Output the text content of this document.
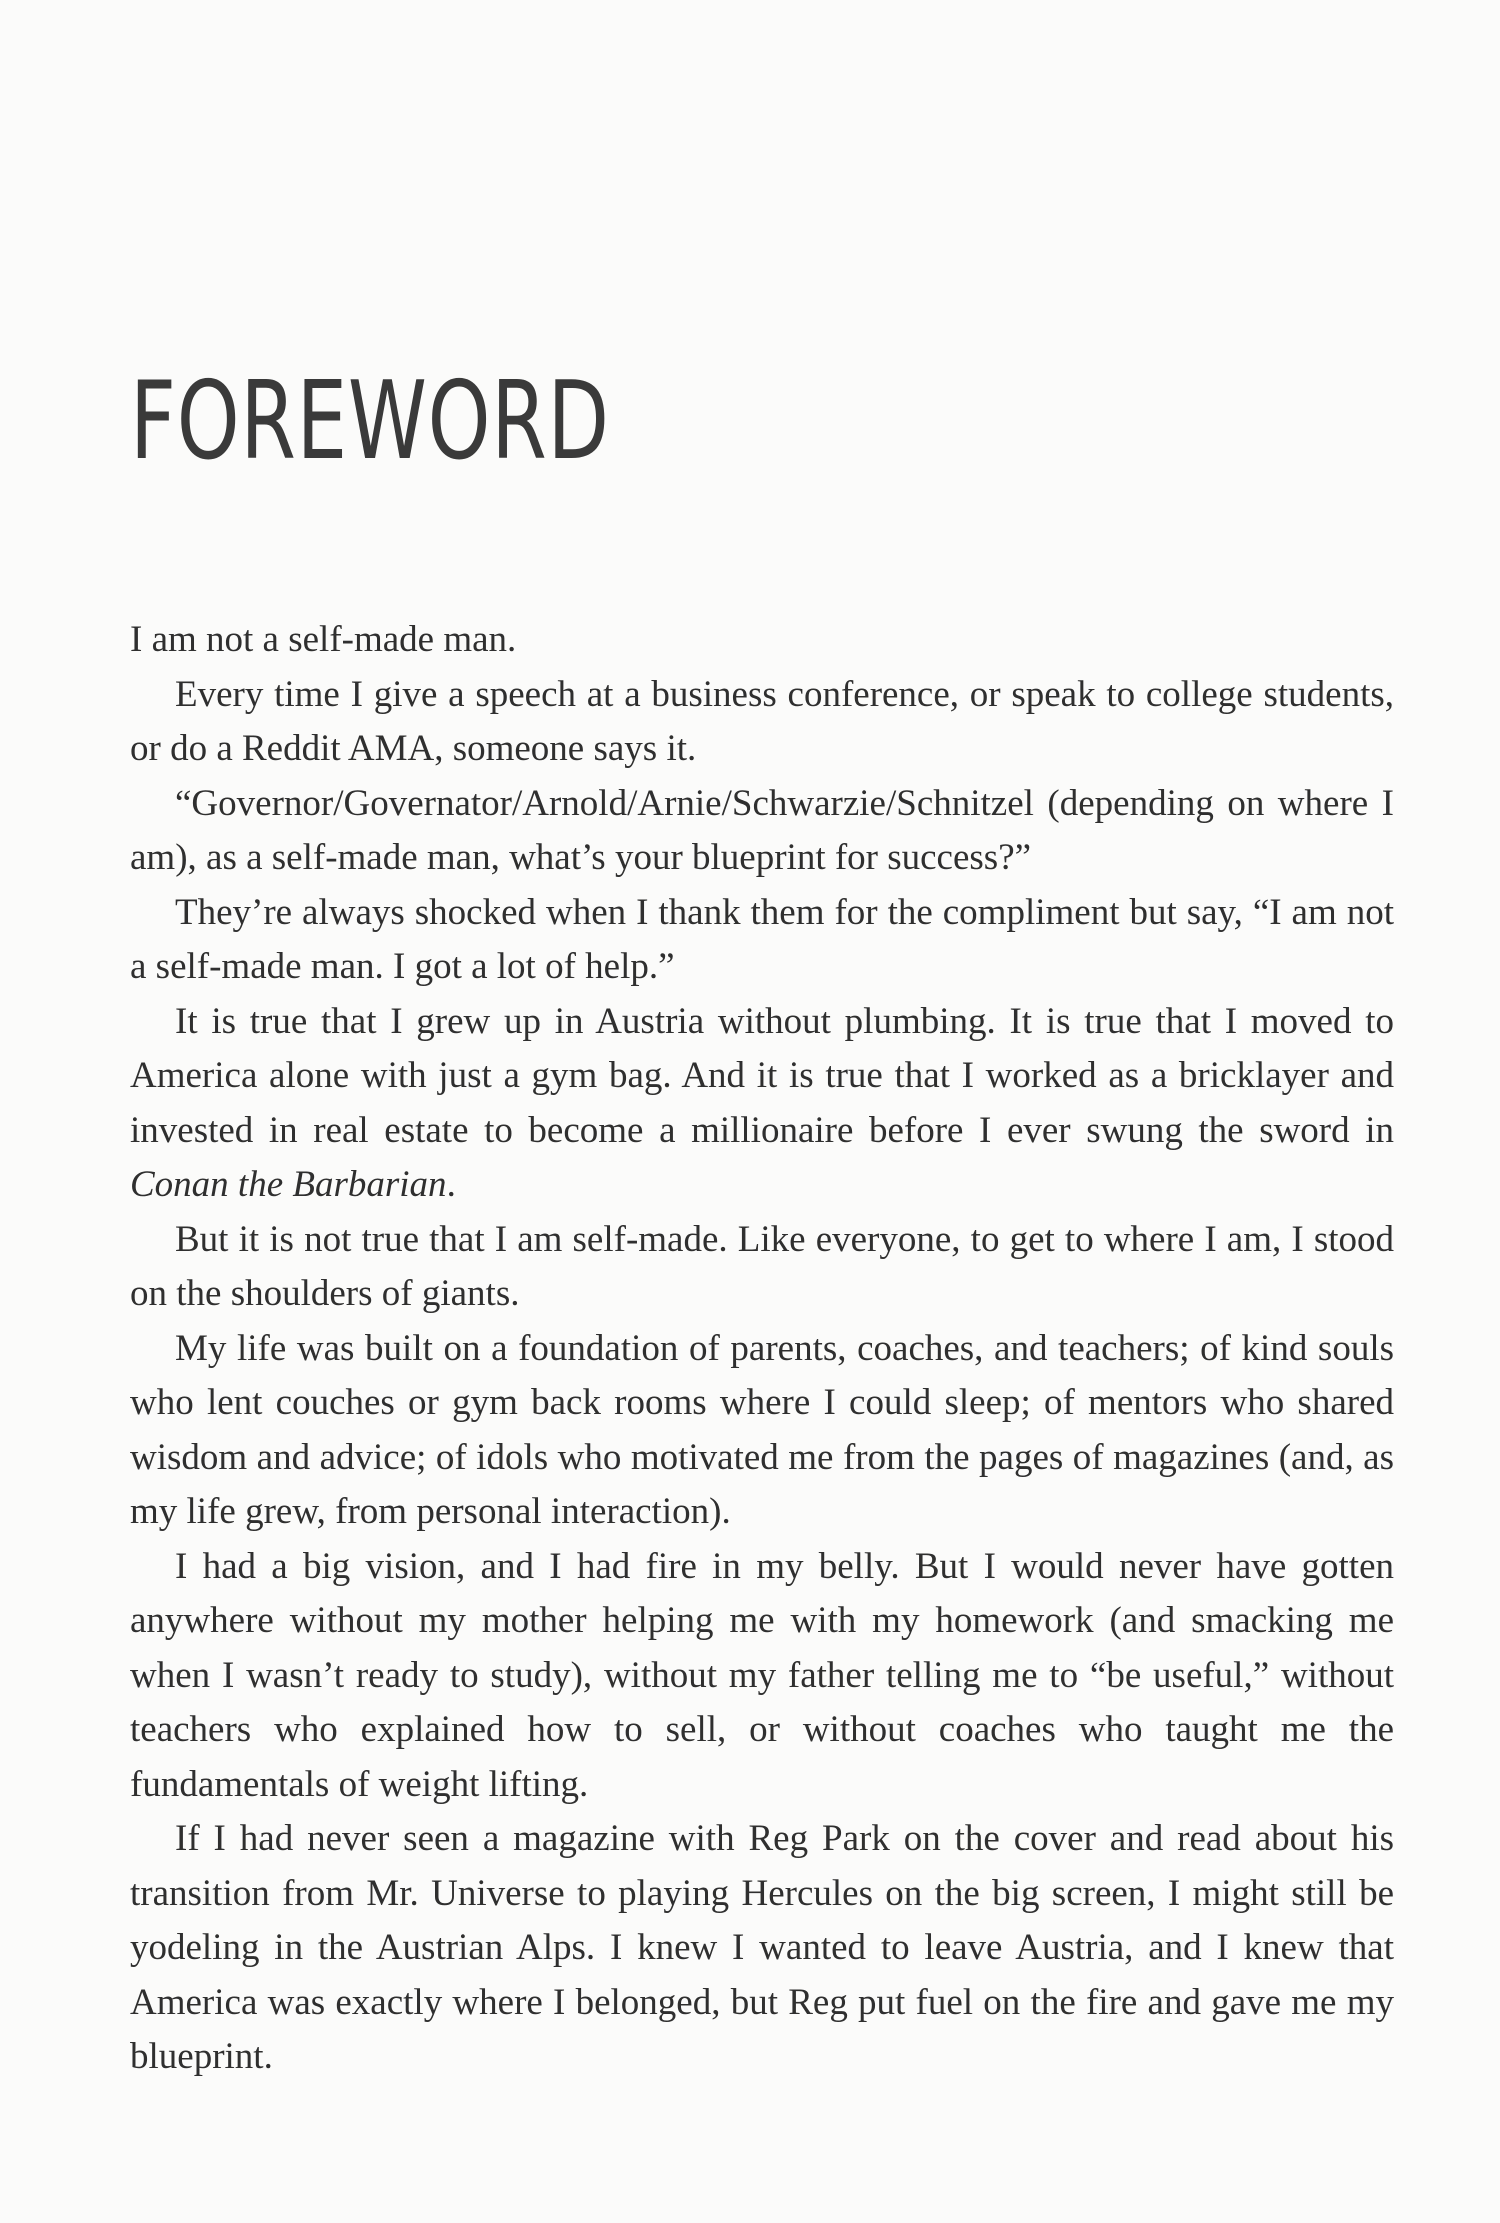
FOREWORD

I am not a self-made man.

Every time I give a speech at a business conference, or speak to college students, or do a Reddit AMA, someone says it.

“Governor/Governator/Arnold/Arnie/Schwarzie/Schnitzel (depending on where I am), as a self-made man, what’s your blueprint for success?”

They’re always shocked when I thank them for the compliment but say, “I am not a self-made man. I got a lot of help.”

It is true that I grew up in Austria without plumbing. It is true that I moved to America alone with just a gym bag. And it is true that I worked as a bricklayer and invested in real estate to become a millionaire before I ever swung the sword in Conan the Barbarian.

But it is not true that I am self-made. Like everyone, to get to where I am, I stood on the shoulders of giants.

My life was built on a foundation of parents, coaches, and teachers; of kind souls who lent couches or gym back rooms where I could sleep; of mentors who shared wisdom and advice; of idols who motivated me from the pages of magazines (and, as my life grew, from personal interaction).

I had a big vision, and I had fire in my belly. But I would never have gotten anywhere without my mother helping me with my homework (and smacking me when I wasn’t ready to study), without my father telling me to “be useful,” without teachers who explained how to sell, or without coaches who taught me the fundamentals of weight lifting.

If I had never seen a magazine with Reg Park on the cover and read about his transition from Mr. Universe to playing Hercules on the big screen, I might still be yodeling in the Austrian Alps. I knew I wanted to leave Austria, and I knew that America was exactly where I belonged, but Reg put fuel on the fire and gave me my blueprint.
